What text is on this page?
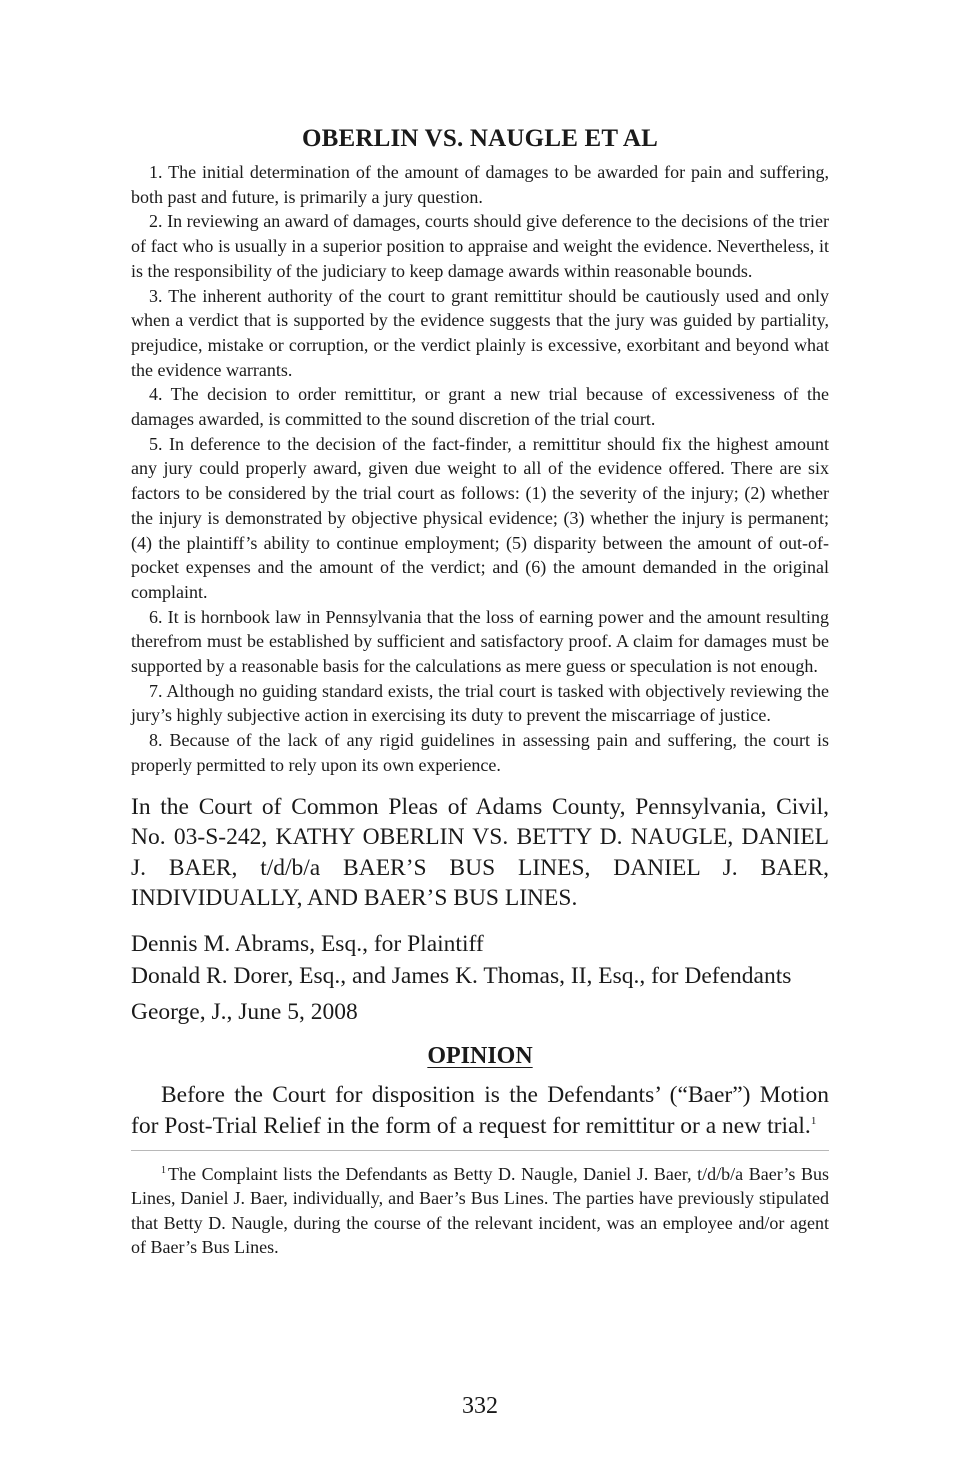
OBERLIN VS. NAUGLE ET AL

1. The initial determination of the amount of damages to be awarded for pain and suffering, both past and future, is primarily a jury question.

2. In reviewing an award of damages, courts should give deference to the decisions of the trier of fact who is usually in a superior position to appraise and weight the evidence. Nevertheless, it is the responsibility of the judiciary to keep damage awards within reasonable bounds.

3. The inherent authority of the court to grant remittitur should be cautiously used and only when a verdict that is supported by the evidence suggests that the jury was guided by partiality, prejudice, mistake or corruption, or the verdict plainly is excessive, exorbitant and beyond what the evidence warrants.

4. The decision to order remittitur, or grant a new trial because of excessiveness of the damages awarded, is committed to the sound discretion of the trial court.

5. In deference to the decision of the fact-finder, a remittitur should fix the highest amount any jury could properly award, given due weight to all of the evidence offered. There are six factors to be considered by the trial court as follows: (1) the severity of the injury; (2) whether the injury is demonstrated by objective physical evidence; (3) whether the injury is permanent; (4) the plaintiff’s ability to continue employment; (5) disparity between the amount of out-of-pocket expenses and the amount of the verdict; and (6) the amount demanded in the original complaint.

6. It is hornbook law in Pennsylvania that the loss of earning power and the amount resulting therefrom must be established by sufficient and satisfactory proof. A claim for damages must be supported by a reasonable basis for the calculations as mere guess or speculation is not enough.

7. Although no guiding standard exists, the trial court is tasked with objectively reviewing the jury’s highly subjective action in exercising its duty to prevent the miscarriage of justice.

8. Because of the lack of any rigid guidelines in assessing pain and suffering, the court is properly permitted to rely upon its own experience.

In the Court of Common Pleas of Adams County, Pennsylvania, Civil, No. 03-S-242, KATHY OBERLIN VS. BETTY D. NAUGLE, DANIEL J. BAER, t/d/b/a BAER’S BUS LINES, DANIEL J. BAER, INDIVIDUALLY, AND BAER’S BUS LINES.

Dennis M. Abrams, Esq., for Plaintiff
Donald R. Dorer, Esq., and James K. Thomas, II, Esq., for Defendants

George, J., June 5, 2008

OPINION

Before the Court for disposition is the Defendants’ (“Baer”) Motion for Post-Trial Relief in the form of a request for remittitur or a new trial.$^1$

$^1$ The Complaint lists the Defendants as Betty D. Naugle, Daniel J. Baer, t/d/b/a Baer’s Bus Lines, Daniel J. Baer, individually, and Baer’s Bus Lines. The parties have previously stipulated that Betty D. Naugle, during the course of the relevant incident, was an employee and/or agent of Baer’s Bus Lines.

332
